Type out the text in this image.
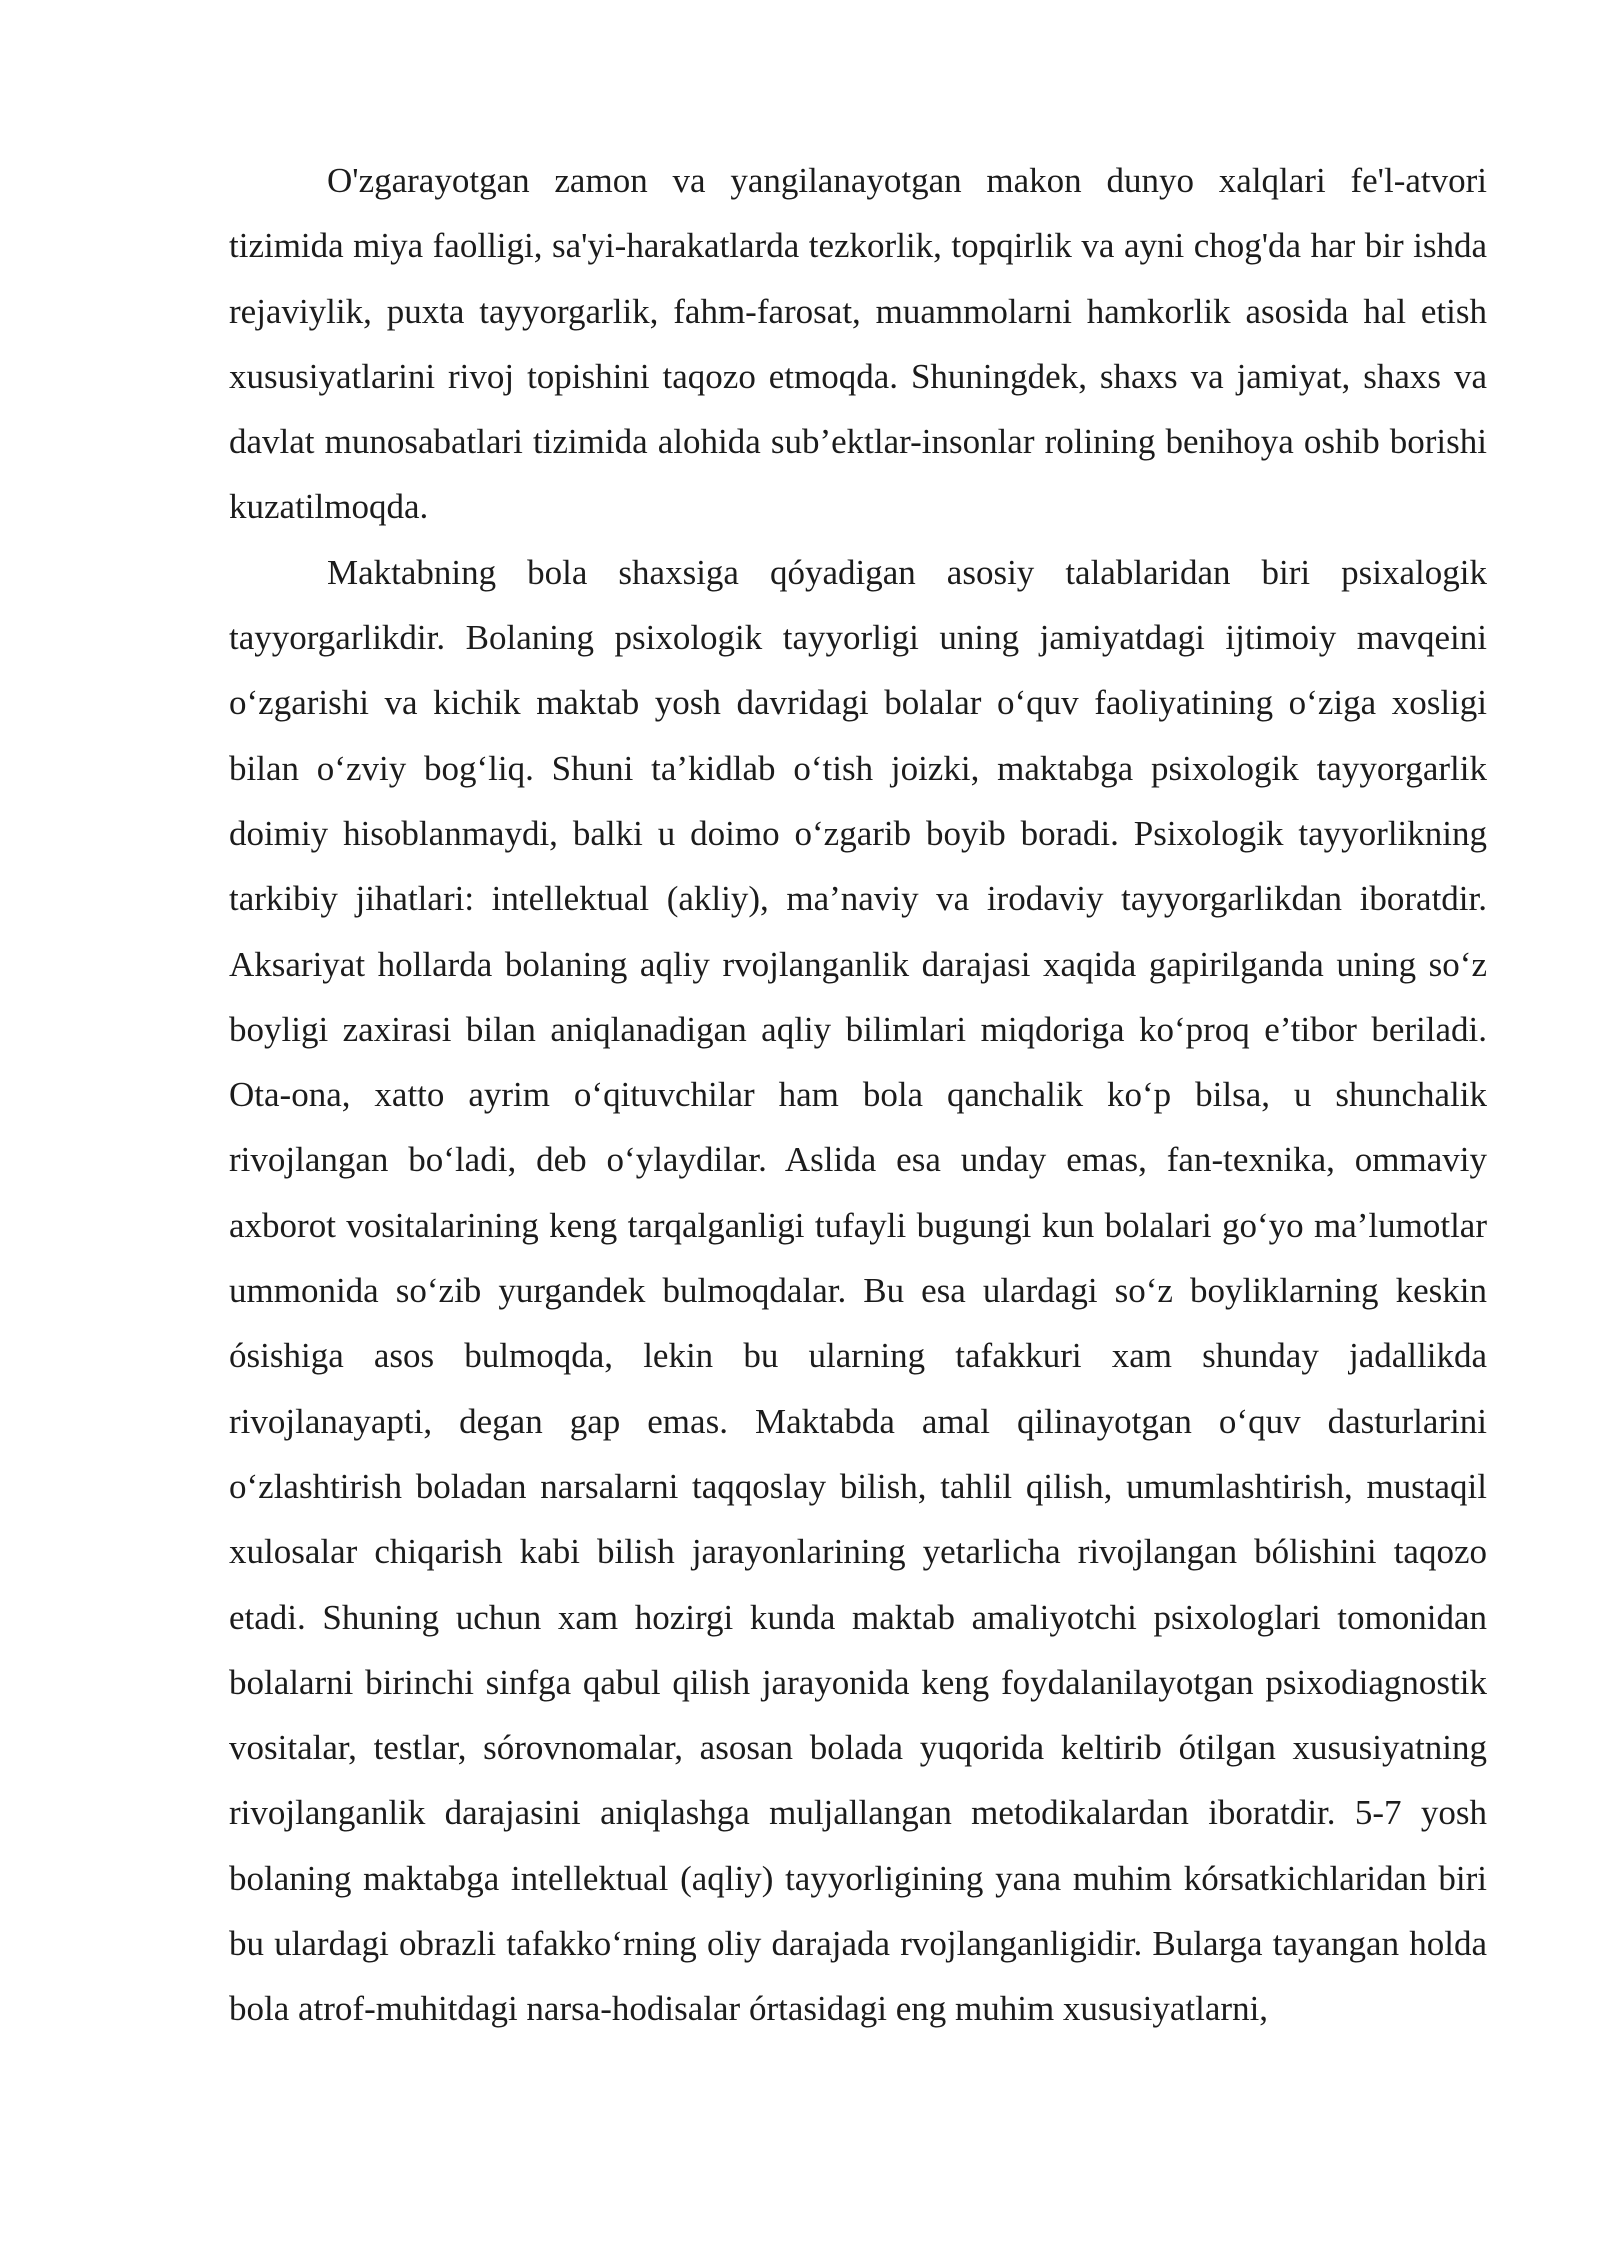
O'zgarayotgan zamon va yangilanayotgan makon dunyo xalqlari fe'l-atvori tizimida miya faolligi, sa'yi-harakatlarda tezkorlik, topqirlik va ayni chog'da har bir ishda rejaviylik, puxta tayyorgarlik, fahm-farosat, muammolarni hamkorlik asosida hal etish xususiyatlarini rivoj topishini taqozo etmoqda. Shuningdek, shaxs va jamiyat, shaxs va davlat munosabatlari tizimida alohida sub’ektlar-insonlar rolining benihoya oshib borishi kuzatilmoqda.

Maktabning bola shaxsiga qóyadigan asosiy talablaridan biri psixalogik tayyorgarlikdir. Bolaning psixologik tayyorligi uning jamiyatdagi ijtimoiy mavqeini o‘zgarishi va kichik maktab yosh davridagi bolalar o‘quv faoliyatining o‘ziga xosligi bilan o‘zviy bog‘liq. Shuni ta’kidlab o‘tish joizki, maktabga psixologik tayyorgarlik doimiy hisoblanmaydi, balki u doimo o‘zgarib boyib boradi. Psixologik tayyorlikning tarkibiy jihatlari: intellektual (akliy), ma’naviy va irodaviy tayyorgarlikdan iboratdir. Aksariyat hollarda bolaning aqliy rvojlanganlik darajasi xaqida gapirilganda uning so‘z boyligi zaxirasi bilan aniqlanadigan aqliy bilimlari miqdoriga ko‘proq e’tibor beriladi. Ota-ona, xatto ayrim o‘qituvchilar ham bola qanchalik ko‘p bilsa, u shunchalik rivojlangan bo‘ladi, deb o‘ylaydilar. Aslida esa unday emas, fan-texnika, ommaviy axborot vositalarining keng tarqalganligi tufayli bugungi kun bolalari go‘yo ma’lumotlar ummonida so‘zib yurgandek bulmoqdalar. Bu esa ulardagi so‘z boyliklarning keskin ósishiga asos bulmoqda, lekin bu ularning tafakkuri xam shunday jadallikda rivojlanayapti, degan gap emas. Maktabda amal qilinayotgan o‘quv dasturlarini o‘zlashtirish boladan narsalarni taqqoslay bilish, tahlil qilish, umumlashtirish, mustaqil xulosalar chiqarish kabi bilish jarayonlarining yetarlicha rivojlangan bólishini taqozo etadi. Shuning uchun xam hozirgi kunda maktab amaliyotchi psixologlari tomonidan bolalarni birinchi sinfga qabul qilish jarayonida keng foydalanilayotgan psixodiagnostik vositalar, testlar, sórovnomalar, asosan bolada yuqorida keltirib ótilgan xususiyatning rivojlanganlik darajasini aniqlashga muljallangan metodikalardan iboratdir. 5-7 yosh bolaning maktabga intellektual (aqliy) tayyorligining yana muhim kórsatkichlaridan biri bu ulardagi obrazli tafakko‘rning oliy darajada rvojlanganligidir. Bularga tayangan holda bola atrof-muhitdagi narsa-hodisalar órtasidagi eng muhim xususiyatlarni,
